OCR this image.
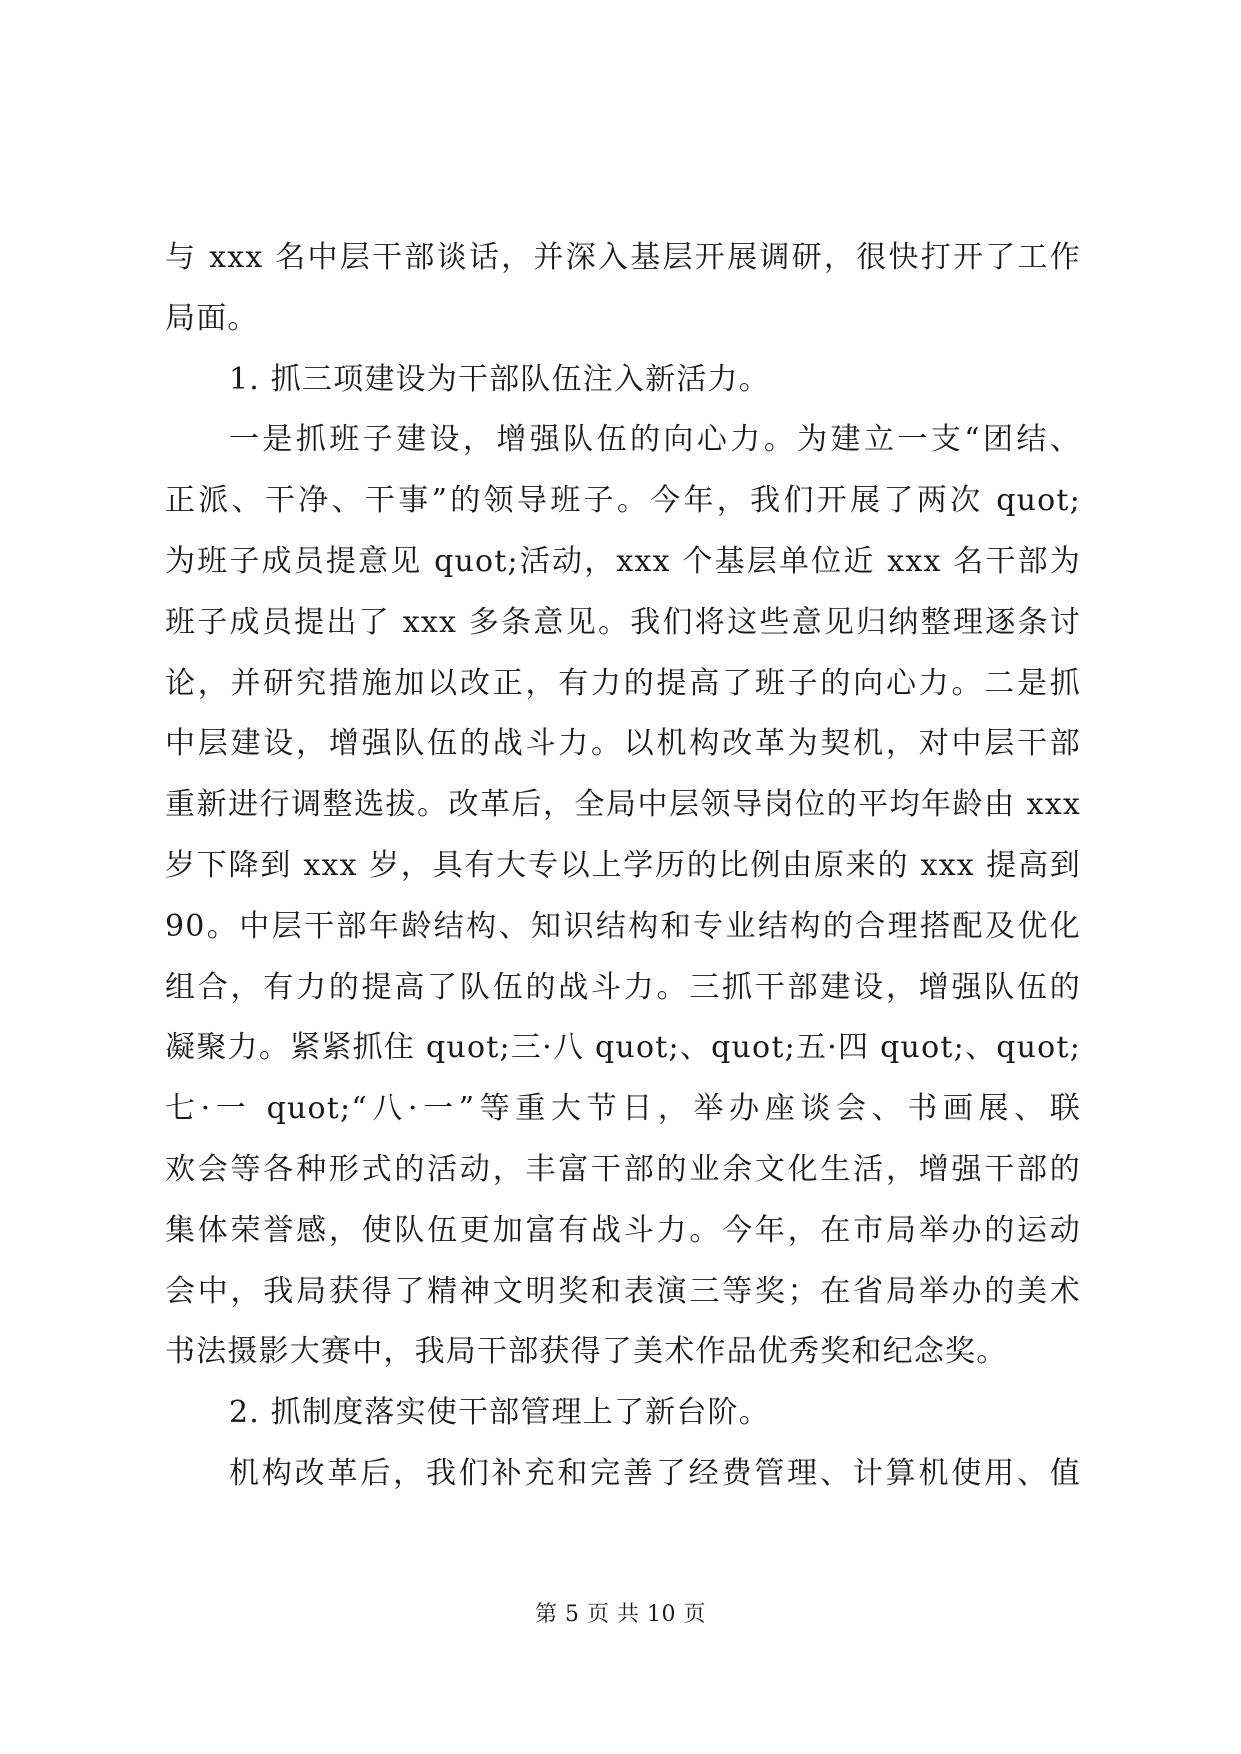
与 xxx 名中层干部谈话，并深入基层开展调研，很快打开了工作
局面。
1. 抓三项建设为干部队伍注入新活力。
一是抓班子建设，增强队伍的向心力。为建立一支“团结、
正派、干净、干事”的领导班子。今年，我们开展了两次 quot;
为班子成员提意见 quot;活动，xxx 个基层单位近 xxx 名干部为
班子成员提出了 xxx 多条意见。我们将这些意见归纳整理逐条讨
论，并研究措施加以改正，有力的提高了班子的向心力。二是抓
中层建设，增强队伍的战斗力。以机构改革为契机，对中层干部
重新进行调整选拔。改革后，全局中层领导岗位的平均年龄由 xxx
岁下降到 xxx 岁，具有大专以上学历的比例由原来的 xxx 提高到
90。中层干部年龄结构、知识结构和专业结构的合理搭配及优化
组合，有力的提高了队伍的战斗力。三抓干部建设，增强队伍的
凝聚力。紧紧抓住 quot;三·八 quot;、quot;五·四 quot;、quot;
七·一 quot;“八·一”等重大节日，举办座谈会、书画展、联
欢会等各种形式的活动，丰富干部的业余文化生活，增强干部的
集体荣誉感，使队伍更加富有战斗力。今年，在市局举办的运动
会中，我局获得了精神文明奖和表演三等奖；在省局举办的美术
书法摄影大赛中，我局干部获得了美术作品优秀奖和纪念奖。
2. 抓制度落实使干部管理上了新台阶。
机构改革后，我们补充和完善了经费管理、计算机使用、值
第 5 页 共 10 页
